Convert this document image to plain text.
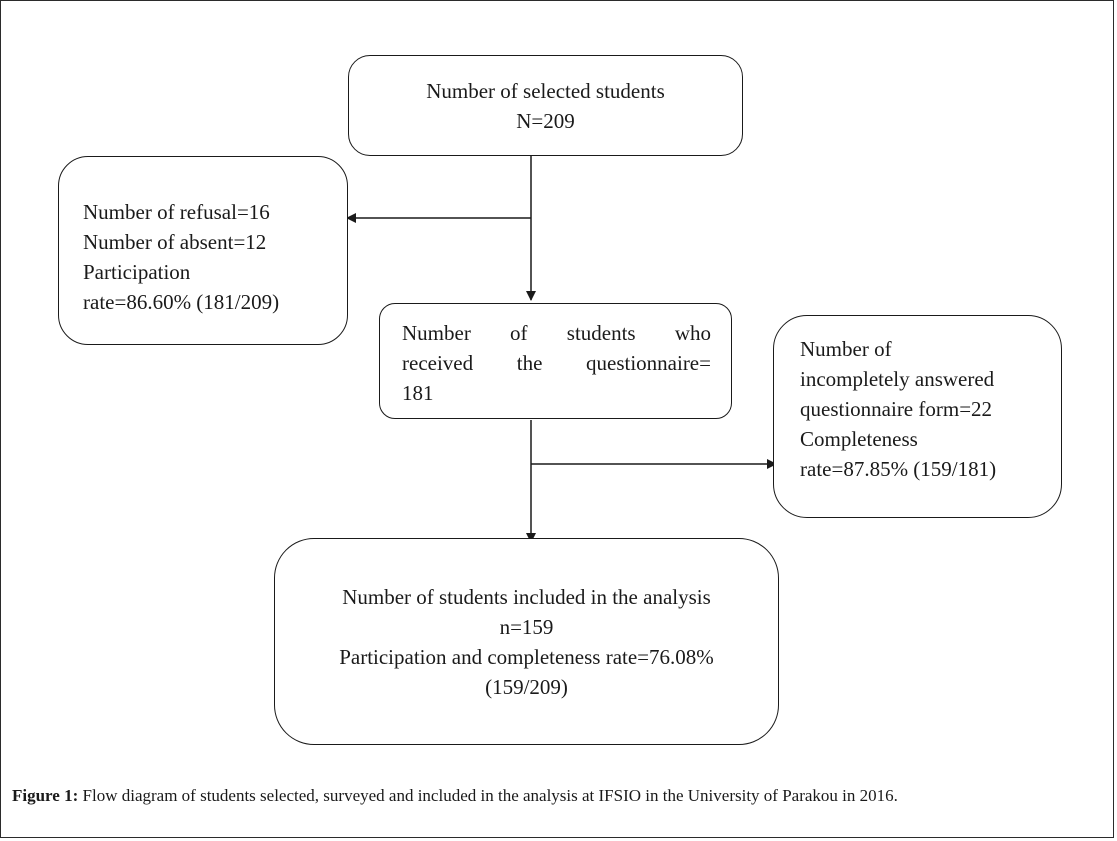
Number of selected students
N=209
Number of refusal=16
Number of absent=12
Participation
rate=86.60% (181/209)
Number of students who
received the questionnaire=
181
Number of
incompletely answered
questionnaire form=22
Completeness
rate=87.85% (159/181)
Number of students included in the analysis
n=159
Participation and completeness rate=76.08%
(159/209)
Figure 1: Flow diagram of students selected, surveyed and included in the analysis at IFSIO in the University of Parakou in 2016.
